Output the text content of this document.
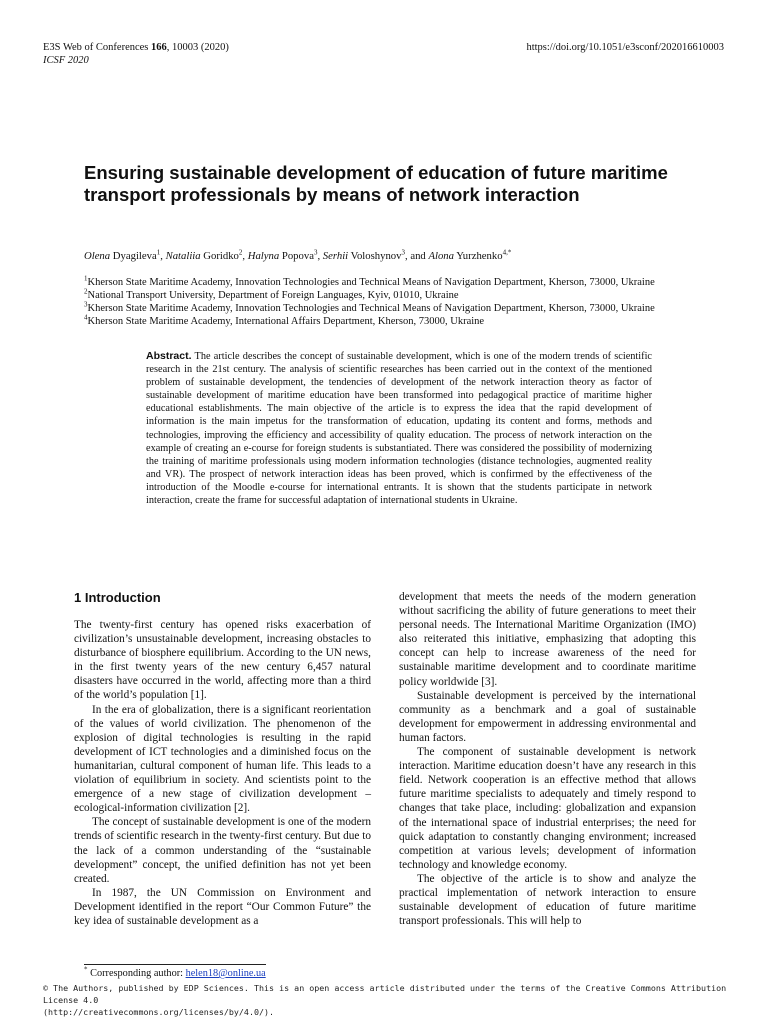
E3S Web of Conferences 166, 10003 (2020)
ICSF 2020
https://doi.org/10.1051/e3sconf/202016610003
Ensuring sustainable development of education of future maritime transport professionals by means of network interaction
Olena Dyagileva$^1$, Nataliia Goridko$^2$, Halyna Popova$^3$, Serhii Voloshynov$^3$, and Alona Yurzhenko$^{4,*}$
$^1$Kherson State Maritime Academy, Innovation Technologies and Technical Means of Navigation Department, Kherson, 73000, Ukraine
$^2$National Transport University, Department of Foreign Languages, Kyiv, 01010, Ukraine
$^3$Kherson State Maritime Academy, Innovation Technologies and Technical Means of Navigation Department, Kherson, 73000, Ukraine
$^4$Kherson State Maritime Academy, International Affairs Department, Kherson, 73000, Ukraine
Abstract. The article describes the concept of sustainable development, which is one of the modern trends of scientific research in the 21st century. The analysis of scientific researches has been carried out in the context of the mentioned problem of sustainable development, the tendencies of development of the network interaction theory as factor of sustainable development of maritime education have been transformed into pedagogical practice of maritime higher educational establishments. The main objective of the article is to express the idea that the rapid development of information is the main impetus for the transformation of education, updating its content and forms, methods and technologies, improving the efficiency and accessibility of quality education. The process of network interaction on the example of creating an e-course for foreign students is substantiated. There was considered the possibility of modernizing the training of maritime professionals using modern information technologies (distance technologies, augmented reality and VR). The prospect of network interaction ideas has been proved, which is confirmed by the effectiveness of the introduction of the Moodle e-course for international entrants. It is shown that the students participate in network interaction, create the frame for successful adaptation of international students in Ukraine.
1 Introduction

The twenty-first century has opened risks exacerbation of civilization’s unsustainable development, increasing obstacles to disturbance of biosphere equilibrium. According to the UN news, in the first twenty years of the new century 6,457 natural disasters have occurred in the world, affecting more than a third of the world’s population [1].

In the era of globalization, there is a significant reorientation of the values of world civilization. The phenomenon of the explosion of digital technologies is resulting in the rapid development of ICT technologies and a diminished focus on the humanitarian, cultural component of human life. This leads to a violation of equilibrium in society. And scientists point to the emergence of a new stage of civilization development – ecological-information civilization [2].

The concept of sustainable development is one of the modern trends of scientific research in the twenty-first century. But due to the lack of a common understanding of the “sustainable development” concept, the unified definition has not yet been created.

In 1987, the UN Commission on Environment and Development identified in the report “Our Common Future” the key idea of sustainable development as a

development that meets the needs of the modern generation without sacrificing the ability of future generations to meet their personal needs. The International Maritime Organization (IMO) also reiterated this initiative, emphasizing that adopting this concept can help to increase awareness of the need for sustainable maritime development and to coordinate maritime policy worldwide [3].

Sustainable development is perceived by the international community as a benchmark and a goal of sustainable development for empowerment in addressing environmental and human factors.

The component of sustainable development is network interaction. Maritime education doesn’t have any research in this field. Network cooperation is an effective method that allows future maritime specialists to adequately and timely respond to changes that take place, including: globalization and expansion of the international space of industrial enterprises; the need for quick adaptation to constantly changing environment; increased competition at various levels; development of information technology and knowledge economy.

The objective of the article is to show and analyze the practical implementation of network interaction to ensure sustainable development of education of future maritime transport professionals. This will help to

* Corresponding author: helen18@online.ua
© The Authors, published by EDP Sciences. This is an open access article distributed under the terms of the Creative Commons Attribution License 4.0
(http://creativecommons.org/licenses/by/4.0/).
